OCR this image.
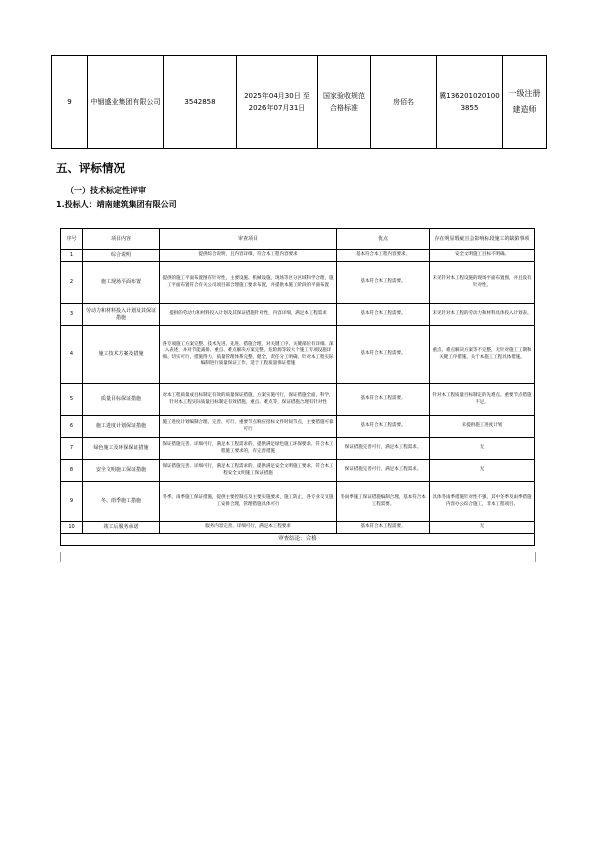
9	中铟盛业集团有限公司	3542858	2025年04月30日 至 2026年07月31日	国家验收规范合格标准	房佰名	冀1362010201003855	一级注册建造师
五、评标情况
（一）技术标定性评审
1.投标人：靖南建筑集团有限公司
序号	项目内容	审查项目	优点	存在明显瑕疵且会影响标段施工的缺陷事项
1	综合说明	提供综合说明，且内容详细，符合本工程内容要求	基本符合本工程内容要求。	安全文明施工目标不明确。
2	施工现场平面布置	提供的施工平面布置图有针对性，主要设施、机械设施、现场等区分区域科学合理，施工平面布置符合有关公司项目部合理施工要求布置，并提供本施工阶段的平面布置	基本符合本工程需要。	未见针对本工程设施的现场平面布置图，并且没有针对性。
3	劳动力和材料投入计划及其保证措施	提供的劳动力和材料投入计划及其保证措施针对性，内容详细，满足本工程需求	基本符合本工程需要。	未见针对本工程的劳动力和材料具体投入计划表。
4	施工技术方案及措施	各专项施工方案完整、技术先进、先进、措施合理，对关键工序、关键部位有详细、深入表述，并对节能减排、重点、难点解决方案完整，危险源等较大个施工专项设施详细、切实可行，措施得力，质量管理体系完整、健全，责任分工明确，针对本工程实际编制进行质量保证工作，适于工程质量保证措施	基本符合本工程需要。	重点、难点解决方案等不完整，无针对施工工期和关键工序措施、关于本施工工程具体措施。
5	质量目标保证措施	对本工程质量成目标制定有效的质量保证措施，方案实施可行，保证措施全面，科学，针对本工程实际质量目标制定有效措施，重点、难点等，保证措施合理有针对性	基本符合本工程需要。	针对本工程质量目标制定的先难点、重要节点措施不足。
6	施工进度计划保证措施	施工进度计划编制合理、完善、可行，重要节点响应招标文件时间节点，主要措施可靠可行	基本符合本工程需要。	未提供施工进度计划
7	绿色施工及环保保证措施	保证措施完善、详细可行，满足本工程需求的，提供满足绿色施工环保要求，符合本工程施工要求的，有完善措施	保证措施完善可行，满足本工程需求。	无
8	安全文明施工保证措施	保证措施完善、详细可行，满足本工程需求的，提供满足安全文明施工要求，符合本工程安全文明施工保证措施	保证措施完善可行，满足本工程需求。	无
9	冬、雨季施工措施	冬季、雨季施工保证措施，提供主要控制点及主要实施要求，施工防止，各专业交叉施工安排合理，管理措施具体可行	冬雨季施工保证措施编制合理，基本符合本工程需要。	具体冬雨季措施针对性不强，其中冬季及雨季措施内容办公综合施工，非本工程项目。
10	竣工后服务承诺	服务内容完善、详细可行，满足本工程要求	基本符合本工程需要。	无
审查结论：合格				
